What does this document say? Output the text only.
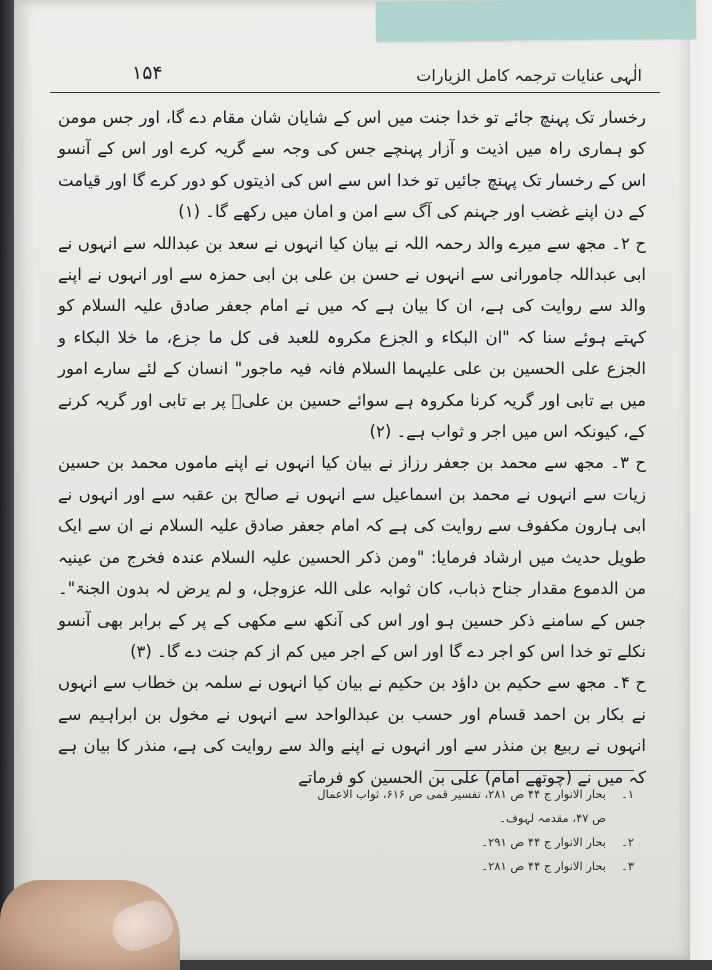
۱۵۴	الٰہی عنایات ترجمہ کامل الزیارات

رخسار تک پہنچ جائے تو خدا جنت میں اس کے شایان شان مقام دے گا، اور جس مومن کو ہماری راہ میں اذیت و آزار پہنچے جس کی وجہ سے گریہ کرے اور اس کے آنسو اس کے رخسار تک پہنچ جائیں تو خدا اس سے اس کی اذیتوں کو دور کرے گا اور قیامت کے دن اپنے غضب اور جہنم کی آگ سے امن و امان میں رکھے گا۔ (۱)

ح ۲۔ مجھ سے میرے والد رحمہ اللہ نے بیان کیا انہوں نے سعد بن عبداللہ سے انہوں نے ابی عبداللہ جامورانی سے انہوں نے حسن بن علی بن ابی حمزہ سے اور انہوں نے اپنے والد سے روایت کی ہے، ان کا بیان ہے کہ میں نے امام جعفر صادق علیہ السلام کو کہتے ہوئے سنا کہ "ان البکاء و الجزع مکروہ للعبد فی کل ما جزع، ما خلا البکاء و الجزع علی الحسین بن علی علیہما السلام فانہ فیہ ماجور" انسان کے لئے سارے امور میں بے تابی اور گریہ کرنا مکروہ ہے سوائے حسین بن علیؑ پر بے تابی اور گریہ کرنے کے، کیونکہ اس میں اجر و ثواب ہے۔ (۲)

ح ۳۔ مجھ سے محمد بن جعفر رزاز نے بیان کیا انہوں نے اپنے ماموں محمد بن حسین زیات سے انہوں نے محمد بن اسماعیل سے انہوں نے صالح بن عقبہ سے اور انہوں نے ابی ہارون مکفوف سے روایت کی ہے کہ امام جعفر صادق علیہ السلام نے ان سے ایک طویل حدیث میں ارشاد فرمایا: "ومن ذکر الحسین علیہ السلام عندہ فخرج من عینیہ من الدموع مقدار جناح ذباب، کان ثوابہ علی اللہ عزوجل، و لم یرض لہ بدون الجنۃ"۔ جس کے سامنے ذکر حسین ہو اور اس کی آنکھ سے مکھی کے پر کے برابر بھی آنسو نکلے تو خدا اس کو اجر دے گا اور اس کے اجر میں کم از کم جنت دے گا۔ (۳)

ح ۴۔ مجھ سے حکیم بن داؤد بن حکیم نے بیان کیا انہوں نے سلمہ بن خطاب سے انہوں نے بکار بن احمد قسام اور حسب بن عبدالواحد سے انہوں نے مخول بن ابراہیم سے انہوں نے ربیع بن منذر سے اور انہوں نے اپنے والد سے روایت کی ہے، منذر کا بیان ہے کہ میں نے (چوتھے امام) علی بن الحسین کو فرماتے

۱۔
بحار الانوار ج ۴۴ ص ۲۸۱، تفسیر قمی ص ۶۱۶، ثواب الاعمال ص ۴۷، مقدمہ لہوف۔
۲۔
بحار الانوار ج ۴۴ ص ۲۹۱۔
۳۔
بحار الانوار ج ۴۴ ص ۲۸۱۔
